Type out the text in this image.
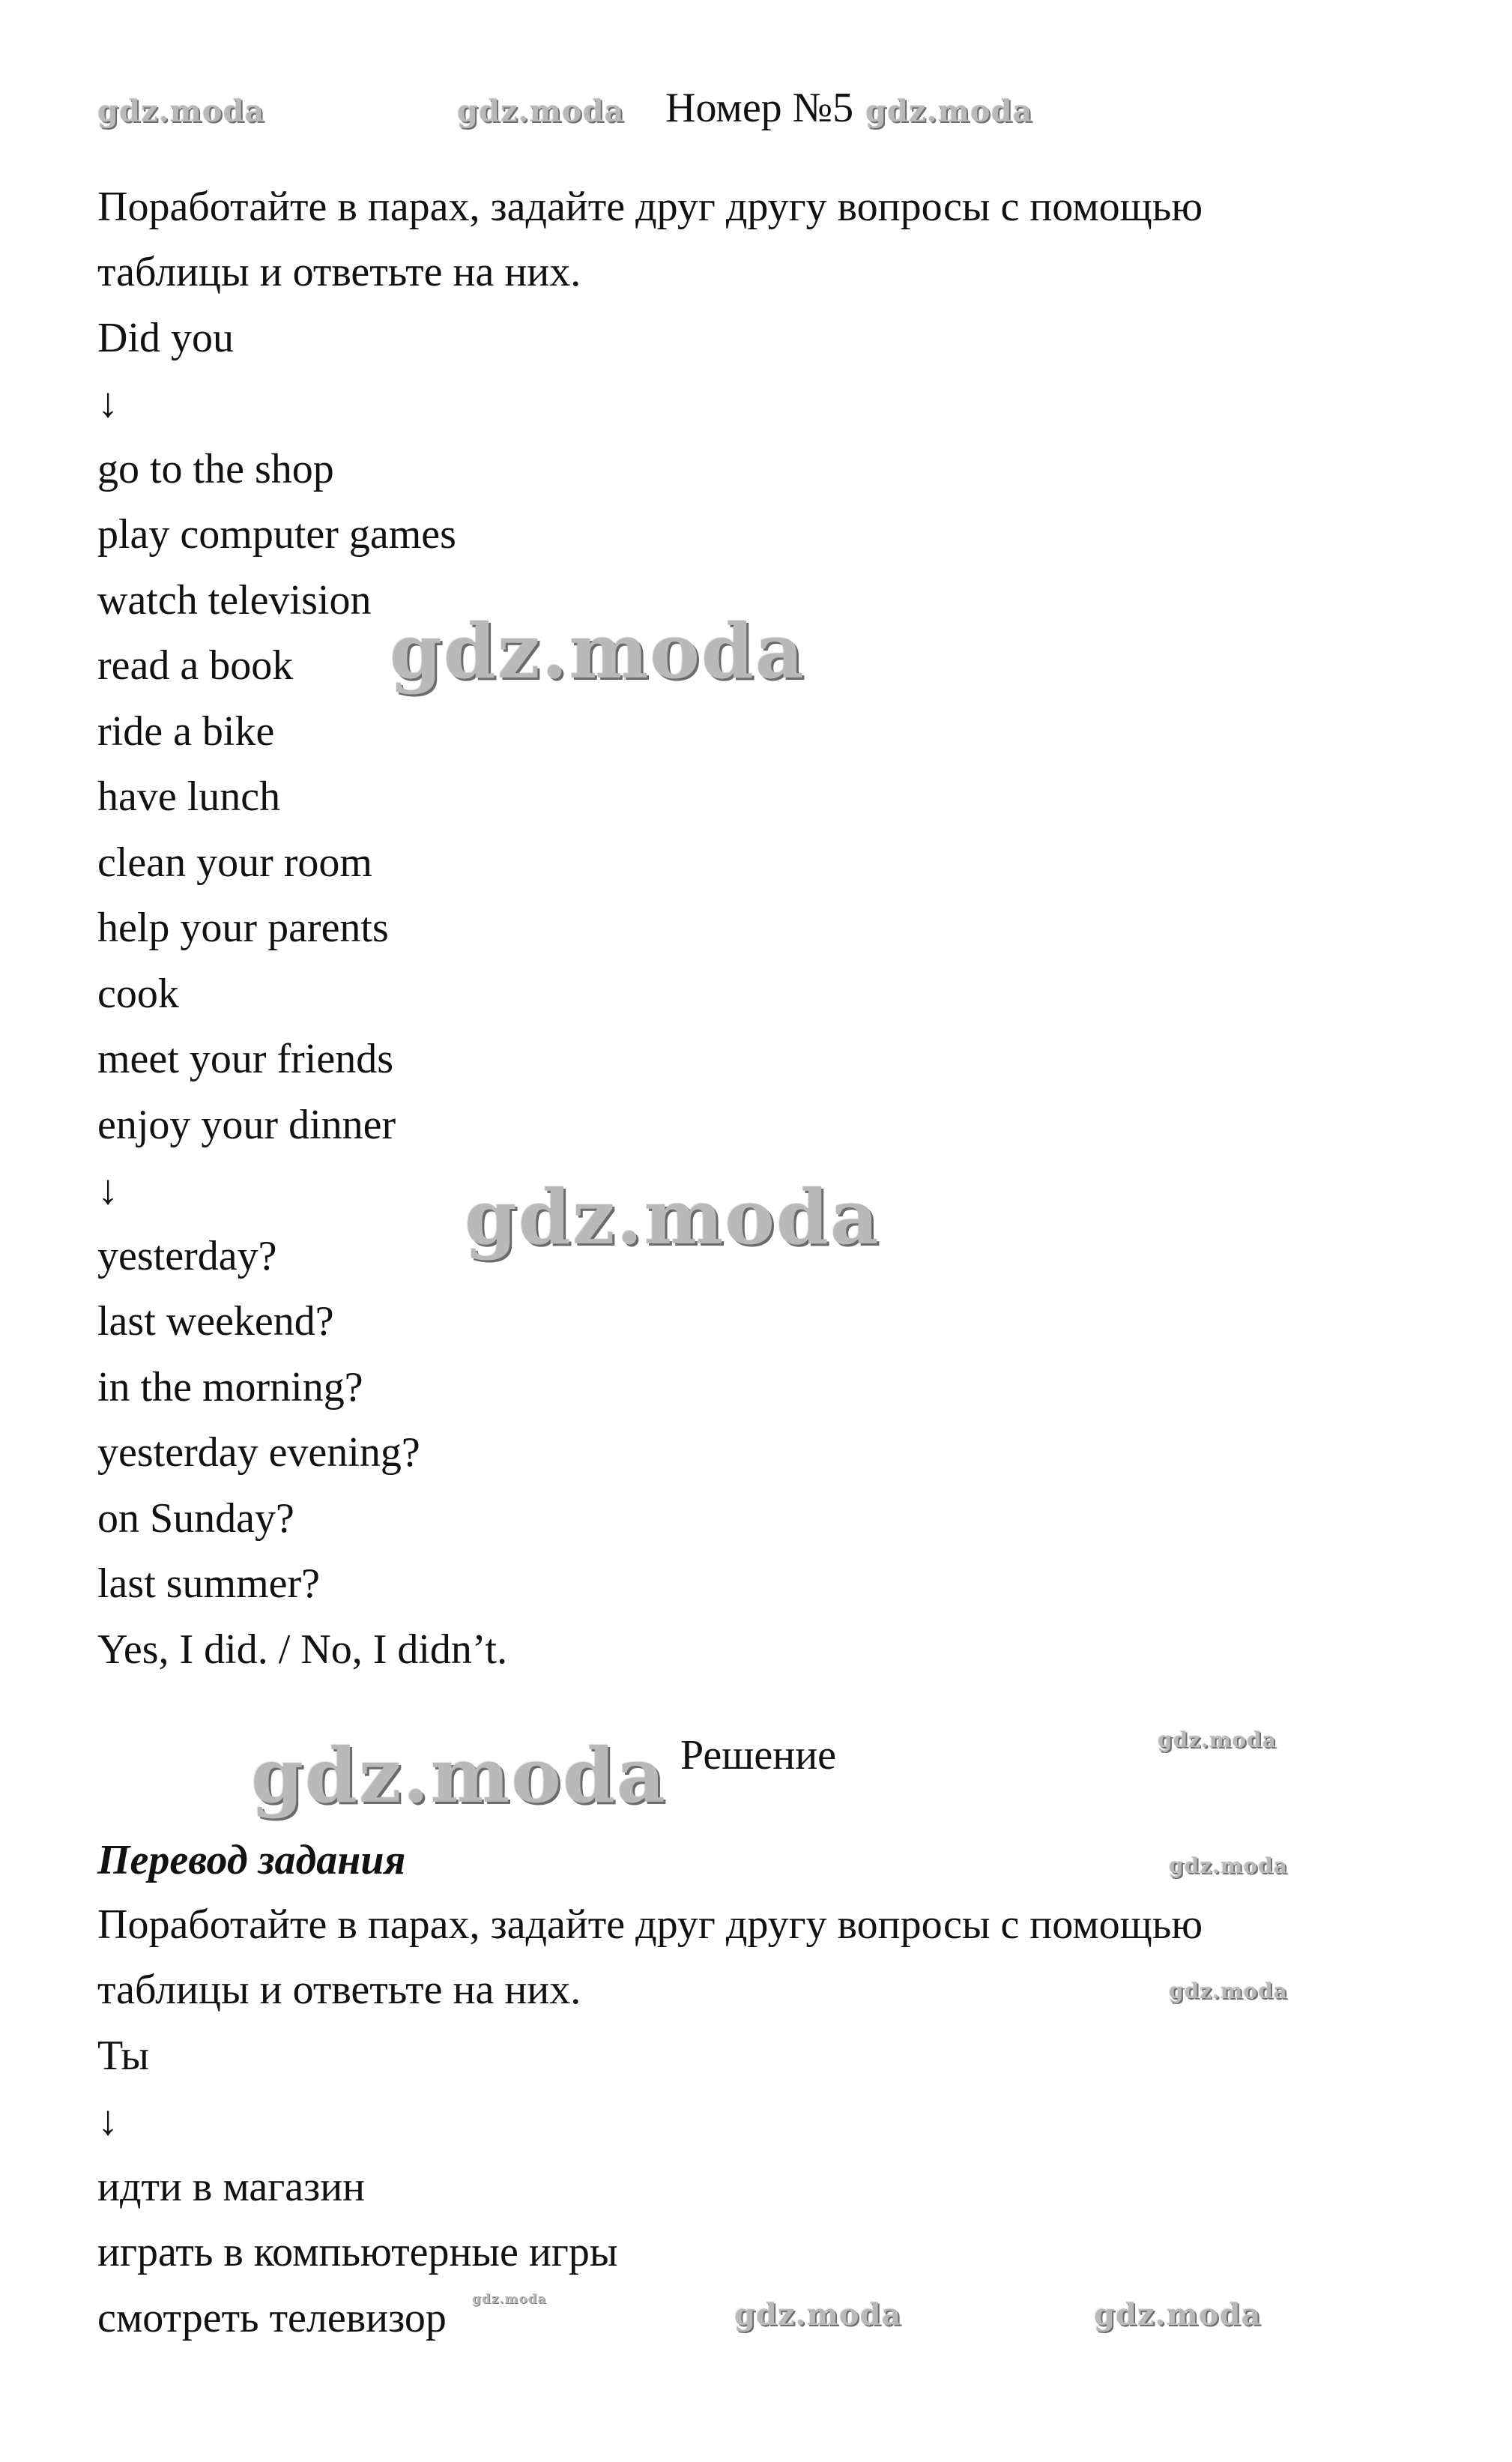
gdz.moda	gdz.moda Номер №5 gdz.moda
Поработайте в парах, задайте друг другу вопросы с помощью
таблицы и ответьте на них.
Did you
↓
go to the shop
play computer games
watch television
read a book
ride a bike
have lunch
clean your room
help your parents
cook
meet your friends
enjoy your dinner
↓
yesterday?
last weekend?
in the morning?
yesterday evening?
on Sunday?
last summer?
Yes, I did. / No, I didn’t.
gdz.moda
gdz.moda
gdz.moda Решение	gdz.moda
Перевод задания	gdz.moda
Поработайте в парах, задайте друг другу вопросы с помощью
таблицы и ответьте на них.	gdz.moda
Ты
↓
идти в магазин
играть в компьютерные игры
смотреть телевизор gdz.moda	gdz.moda	gdz.moda
